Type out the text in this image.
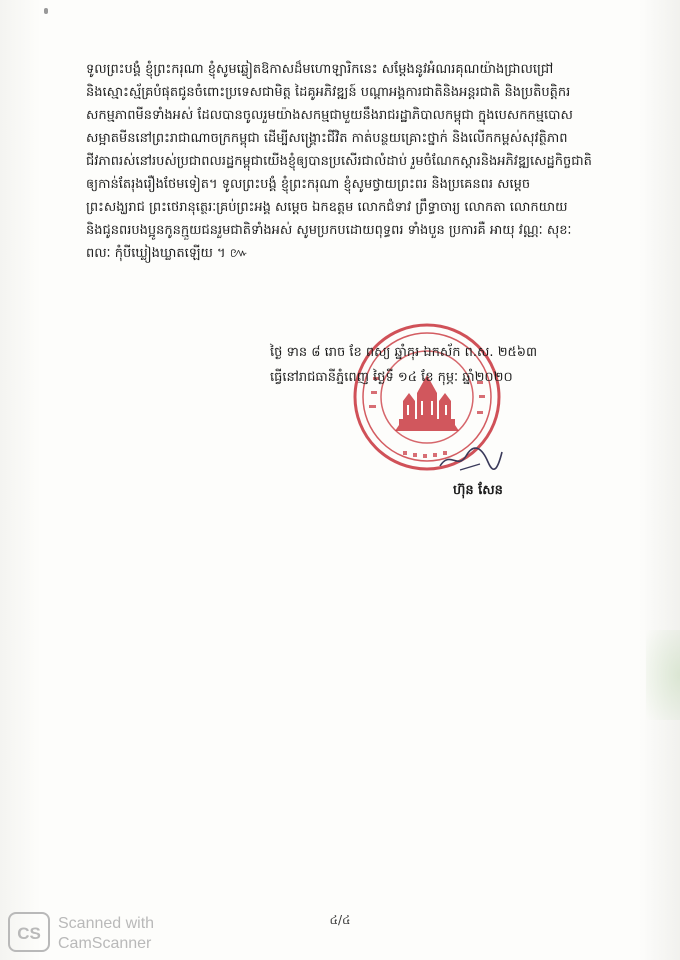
ទូលព្រះបង្គំ ខ្ញុំព្រះករុណា ខ្ញុំសូមឆ្លៀតឱកាសដ៏មហោឡារិកនេះ សម្តែងនូវអំណរគុណយ៉ាងជ្រាលជ្រៅ
និងស្មោះស្ម័គ្របំផុតជូនចំពោះប្រទេសជាមិត្ត ដៃគូអភិវឌ្ឍន៍ បណ្តាអង្គការជាតិនិងអន្តរជាតិ និងប្រតិបត្តិករ
សកម្មភាពមីនទាំងអស់ ដែលបានចូលរួមយ៉ាងសកម្មជាមួយនឹងរាជរដ្ឋាភិបាលកម្ពុជា ក្នុងបេសកកម្មបោស
សម្អាតមីននៅព្រះរាជាណាចក្រកម្ពុជា ដើម្បីសង្គ្រោះជីវិត កាត់បន្ថយគ្រោះថ្នាក់ និងលើកកម្ពស់សុវត្ថិភាព
ជីវភាពរស់នៅរបស់ប្រជាពលរដ្ឋកម្ពុជាយើងខ្ញុំឲ្យបានប្រសើរជាលំដាប់ រួមចំណែកស្តារនិងអភិវឌ្ឍសេដ្ឋកិច្ចជាតិ
ឲ្យកាន់តែរុងរឿងថែមទៀត។ ទូលព្រះបង្គំ ខ្ញុំព្រះករុណា ខ្ញុំសូមថ្វាយព្រះពរ និងប្រគេនពរ សម្តេច
ព្រះសង្ឃរាជ ព្រះថេរានុត្ថេរៈគ្រប់ព្រះអង្គ សម្តេច ឯកឧត្តម លោកជំទាវ ព្រឹទ្ធាចារ្យ លោកតា លោកយាយ
និងជូនពរបងប្អូនកូនក្មួយជនរួមជាតិទាំងអស់ សូមប្រកបដោយពុទ្ធពរ ទាំងបួន ប្រការគឺ អាយុ វណ្ណៈ សុខៈ
ពលៈ កុំបីឃ្លៀងឃ្លាតឡើយ ។ ៚
ថ្ងៃ ទាន ៨ រោច ខែ ពស្យ ឆ្នាំកុរ ឯកស័ក ព.ស. ២៥៦៣
ធ្វើនៅរាជធានីភ្នំពេញ ថ្ងៃទី ១៤ ខែ កុម្ភៈ ឆ្នាំ២០២០
ហ៊ុន សែន
៤/៤
CS
Scanned with
CamScanner
